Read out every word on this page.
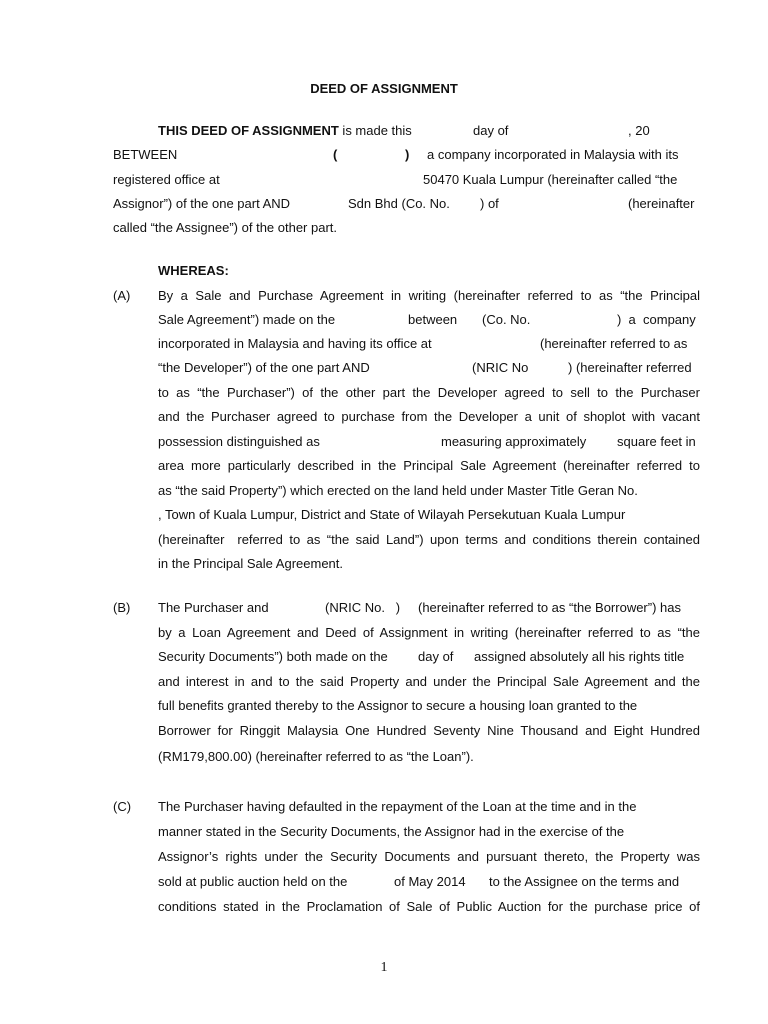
DEED OF ASSIGNMENT
THIS DEED OF ASSIGNMENT is made this	day of	, 20
BETWEEN	(	) a company incorporated in Malaysia with its
registered office at	50470 Kuala Lumpur (hereinafter called “the
Assignor”) of the one part AND	Sdn Bhd (Co. No. ) of	(hereinafter
called “the Assignee”) of the other part.
WHEREAS:
(A) By a Sale and Purchase Agreement in writing (hereinafter referred to as “the Principal
Sale Agreement”) made on the	between (Co. No.	)  a  company
incorporated in Malaysia and having its office at	(hereinafter referred to as
“the Developer”) of the one part AND	(NRIC No	) (hereinafter referred
to as “the Purchaser”) of the other part the Developer agreed to sell to the Purchaser
and the Purchaser agreed to purchase from the Developer a unit of shoplot with vacant
possession distinguished as	measuring approximately square feet in
area more particularly described in the Principal Sale Agreement (hereinafter referred to
as “the said Property”) which erected on the land held under Master Title Geran No.
, Town of Kuala Lumpur, District and State of Wilayah Persekutuan Kuala Lumpur
(hereinafter  referred to as “the said Land”) upon terms and conditions therein contained
in the Principal Sale Agreement.
(B) The Purchaser and	(NRIC No.   ) (hereinafter referred to as “the Borrower”) has
by a Loan Agreement and Deed of Assignment in writing (hereinafter referred to as “the
Security Documents”) both made on the day of assigned absolutely all his rights title
and interest in and to the said Property and under the Principal Sale Agreement and the
full benefits granted thereby to the Assignor to secure a housing loan granted to the
Borrower for Ringgit Malaysia One Hundred Seventy Nine Thousand and Eight Hundred
(RM179,800.00) (hereinafter referred to as “the Loan”).
(C) The Purchaser having defaulted in the repayment of the Loan at the time and in the
manner stated in the Security Documents, the Assignor had in the exercise of the
Assignor’s rights under the Security Documents and pursuant thereto, the Property was
sold at public auction held on the	of May 2014 to the Assignee on the terms and
conditions stated in the Proclamation of Sale of Public Auction for the purchase price of
1
